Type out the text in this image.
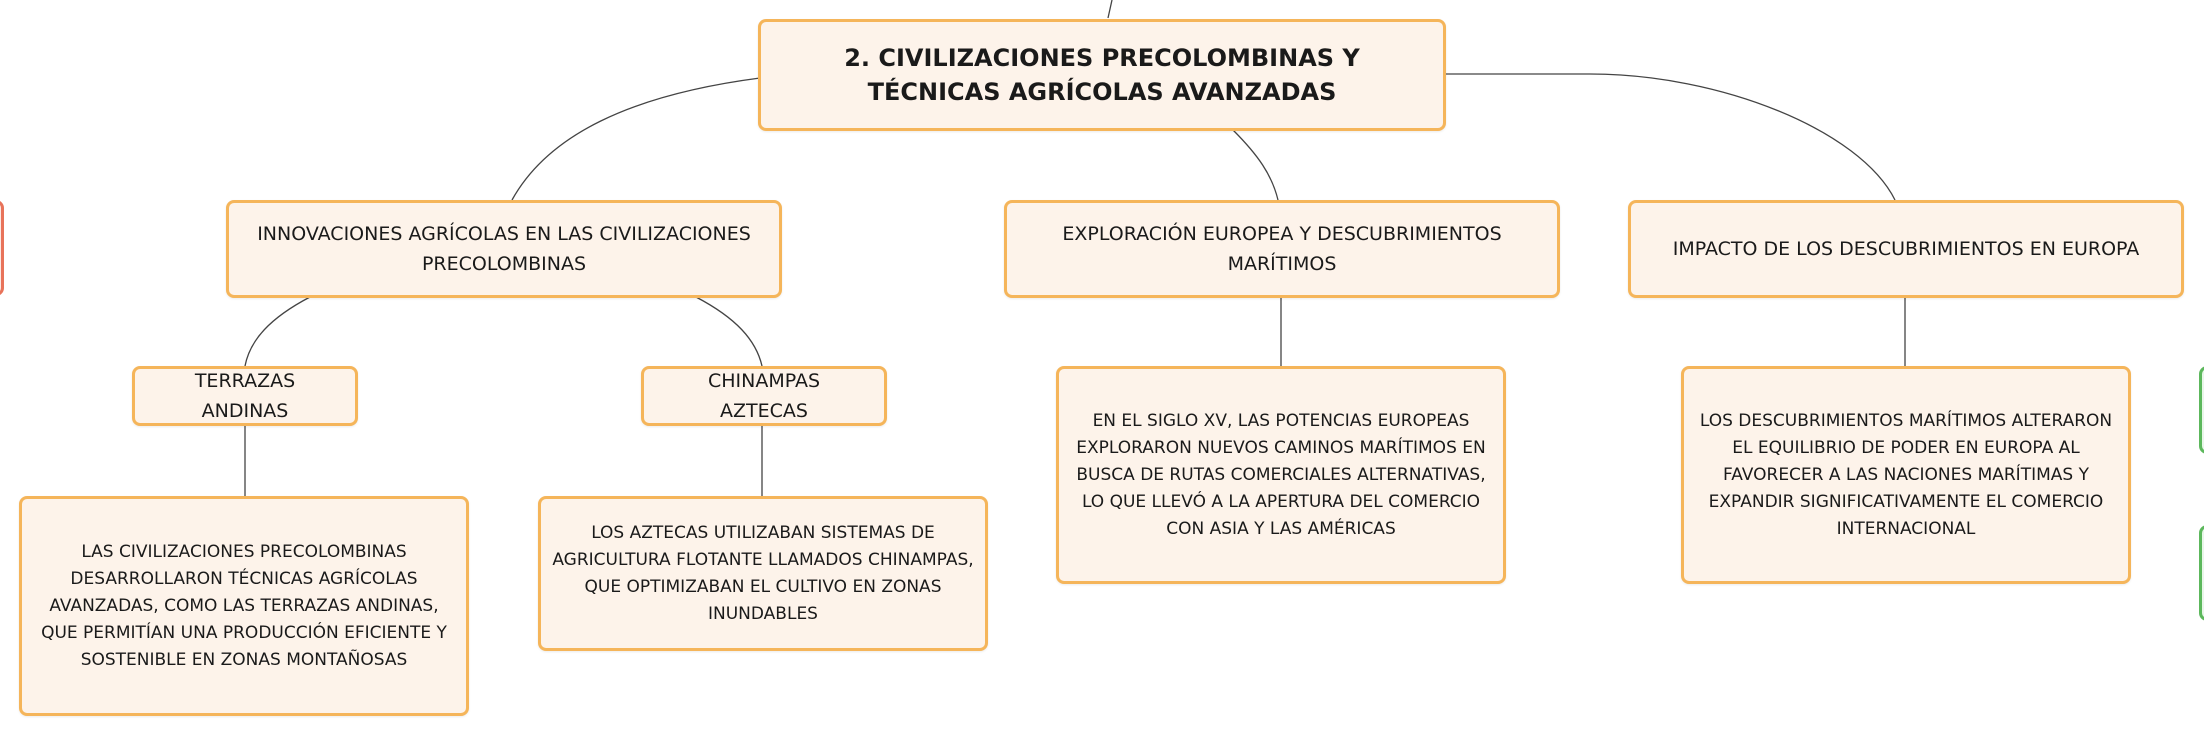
2. CIVILIZACIONES PRECOLOMBINAS Y TÉCNICAS AGRÍCOLAS AVANZADAS
INNOVACIONES AGRÍCOLAS EN LAS CIVILIZACIONES PRECOLOMBINAS
EXPLORACIÓN EUROPEA Y DESCUBRIMIENTOS MARÍTIMOS
IMPACTO DE LOS DESCUBRIMIENTOS EN EUROPA
TERRAZAS ANDINAS
CHINAMPAS AZTECAS
LAS CIVILIZACIONES PRECOLOMBINAS DESARROLLARON TÉCNICAS AGRÍCOLAS AVANZADAS, COMO LAS TERRAZAS ANDINAS, QUE PERMITÍAN UNA PRODUCCIÓN EFICIENTE Y SOSTENIBLE EN ZONAS MONTAÑOSAS
LOS AZTECAS UTILIZABAN SISTEMAS DE AGRICULTURA FLOTANTE LLAMADOS CHINAMPAS, QUE OPTIMIZABAN EL CULTIVO EN ZONAS INUNDABLES
EN EL SIGLO XV, LAS POTENCIAS EUROPEAS EXPLORARON NUEVOS CAMINOS MARÍTIMOS EN BUSCA DE RUTAS COMERCIALES ALTERNATIVAS, LO QUE LLEVÓ A LA APERTURA DEL COMERCIO CON ASIA Y LAS AMÉRICAS
LOS DESCUBRIMIENTOS MARÍTIMOS ALTERARON EL EQUILIBRIO DE PODER EN EUROPA AL FAVORECER A LAS NACIONES MARÍTIMAS Y EXPANDIR SIGNIFICATIVAMENTE EL COMERCIO INTERNACIONAL
